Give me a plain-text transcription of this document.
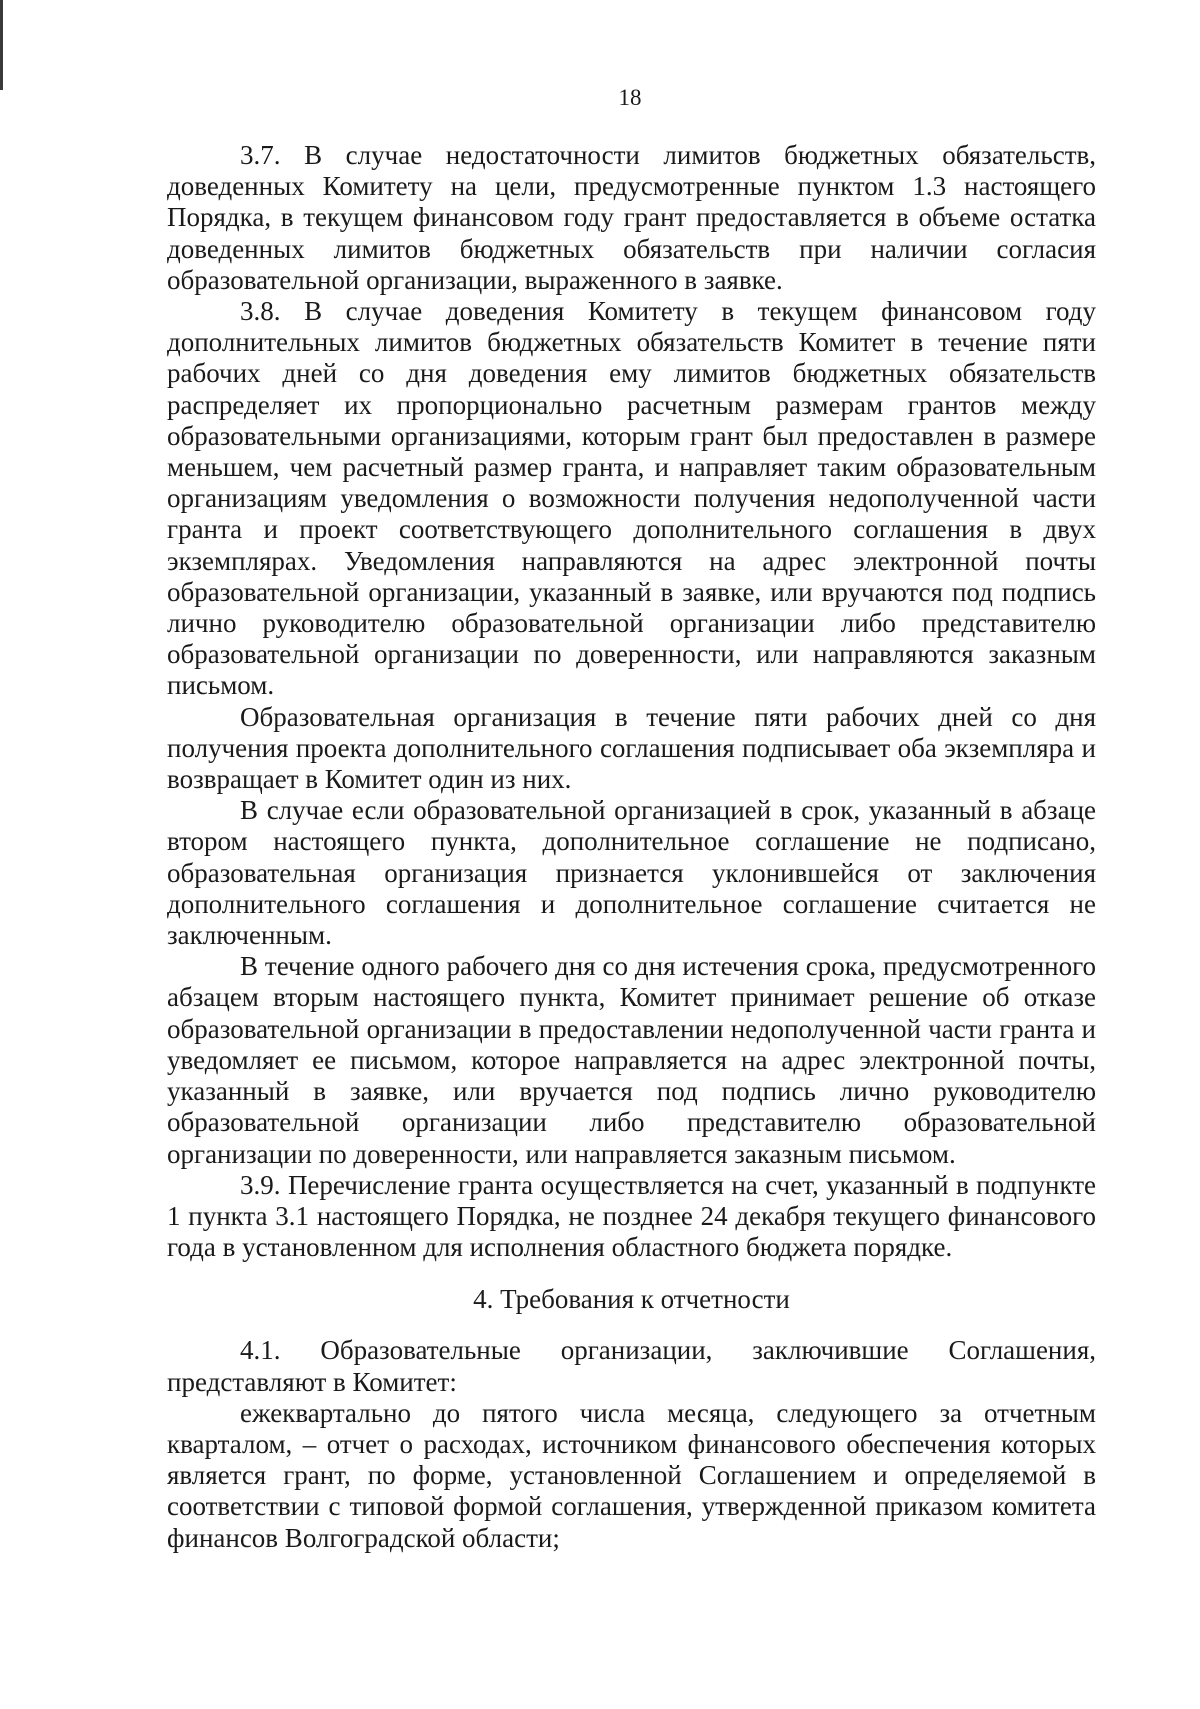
18

3.7. В случае недостаточности лимитов бюджетных обязательств, доведенных Комитету на цели, предусмотренные пунктом 1.3 настоящего Порядка, в текущем финансовом году грант предоставляется в объеме остатка доведенных лимитов бюджетных обязательств при наличии согласия образовательной организации, выраженного в заявке.

3.8. В случае доведения Комитету в текущем финансовом году дополнительных лимитов бюджетных обязательств Комитет в течение пяти рабочих дней со дня доведения ему лимитов бюджетных обязательств распределяет их пропорционально расчетным размерам грантов между образовательными организациями, которым грант был предоставлен в размере меньшем, чем расчетный размер гранта, и направляет таким образовательным организациям уведомления о возможности получения недополученной части гранта и проект соответствующего дополнительного соглашения в двух экземплярах. Уведомления направляются на адрес электронной почты образовательной организации, указанный в заявке, или вручаются под подпись лично руководителю образовательной организации либо представителю образовательной организации по доверенности, или направляются заказным письмом.

Образовательная организация в течение пяти рабочих дней со дня получения проекта дополнительного соглашения подписывает оба экземпляра и возвращает в Комитет один из них.

В случае если образовательной организацией в срок, указанный в абзаце втором настоящего пункта, дополнительное соглашение не подписано, образовательная организация признается уклонившейся от заключения дополнительного соглашения и дополнительное соглашение считается не заключенным.

В течение одного рабочего дня со дня истечения срока, предусмотренного абзацем вторым настоящего пункта, Комитет принимает решение об отказе образовательной организации в предоставлении недополученной части гранта и уведомляет ее письмом, которое направляется на адрес электронной почты, указанный в заявке, или вручается под подпись лично руководителю образовательной организации либо представителю образовательной организации по доверенности, или направляется заказным письмом.

3.9. Перечисление гранта осуществляется на счет, указанный в подпункте 1 пункта 3.1 настоящего Порядка, не позднее 24 декабря текущего финансового года в установленном для исполнения областного бюджета порядке.

4. Требования к отчетности

4.1. Образовательные организации, заключившие Соглашения, представляют в Комитет:

ежеквартально до пятого числа месяца, следующего за отчетным кварталом, – отчет о расходах, источником финансового обеспечения которых является грант, по форме, установленной Соглашением и определяемой в соответствии с типовой формой соглашения, утвержденной приказом комитета финансов Волгоградской области;
